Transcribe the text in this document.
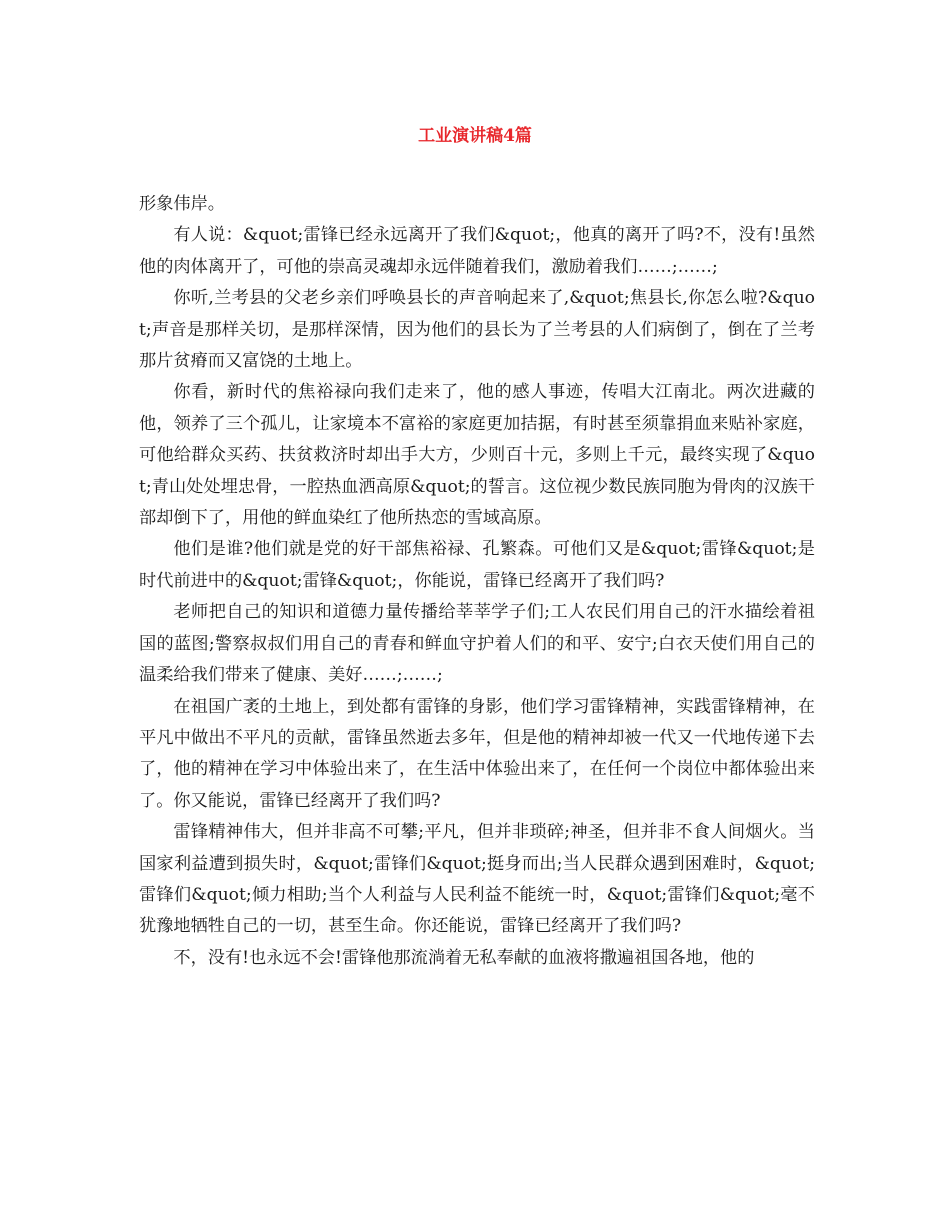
工业演讲稿4篇

形象伟岸。

有人说：&quot;雷锋已经永远离开了我们&quot;，他真的离开了吗?不，没有!虽然他的肉体离开了，可他的崇高灵魂却永远伴随着我们，激励着我们……;……;

你听,兰考县的父老乡亲们呼唤县长的声音响起来了,&quot;焦县长,你怎么啦?&quot;声音是那样关切，是那样深情，因为他们的县长为了兰考县的人们病倒了，倒在了兰考那片贫瘠而又富饶的土地上。

你看，新时代的焦裕禄向我们走来了，他的感人事迹，传唱大江南北。两次进藏的他，领养了三个孤儿，让家境本不富裕的家庭更加拮据，有时甚至须靠捐血来贴补家庭，可他给群众买药、扶贫救济时却出手大方，少则百十元，多则上千元，最终实现了&quot;青山处处埋忠骨，一腔热血洒高原&quot;的誓言。这位视少数民族同胞为骨肉的汉族干部却倒下了，用他的鲜血染红了他所热恋的雪域高原。

他们是谁?他们就是党的好干部焦裕禄、孔繁森。可他们又是&quot;雷锋&quot;是时代前进中的&quot;雷锋&quot;，你能说，雷锋已经离开了我们吗?

老师把自己的知识和道德力量传播给莘莘学子们;工人农民们用自己的汗水描绘着祖国的蓝图;警察叔叔们用自己的青春和鲜血守护着人们的和平、安宁;白衣天使们用自己的温柔给我们带来了健康、美好……;……;

在祖国广袤的土地上，到处都有雷锋的身影，他们学习雷锋精神，实践雷锋精神，在平凡中做出不平凡的贡献，雷锋虽然逝去多年，但是他的精神却被一代又一代地传递下去了，他的精神在学习中体验出来了，在生活中体验出来了，在任何一个岗位中都体验出来了。你又能说，雷锋已经离开了我们吗?

雷锋精神伟大，但并非高不可攀;平凡，但并非琐碎;神圣，但并非不食人间烟火。当国家利益遭到损失时，&quot;雷锋们&quot;挺身而出;当人民群众遇到困难时，&quot;雷锋们&quot;倾力相助;当个人利益与人民利益不能统一时，&quot;雷锋们&quot;毫不犹豫地牺牲自己的一切，甚至生命。你还能说，雷锋已经离开了我们吗?

不，没有!也永远不会!雷锋他那流淌着无私奉献的血液将撒遍祖国各地，他的
